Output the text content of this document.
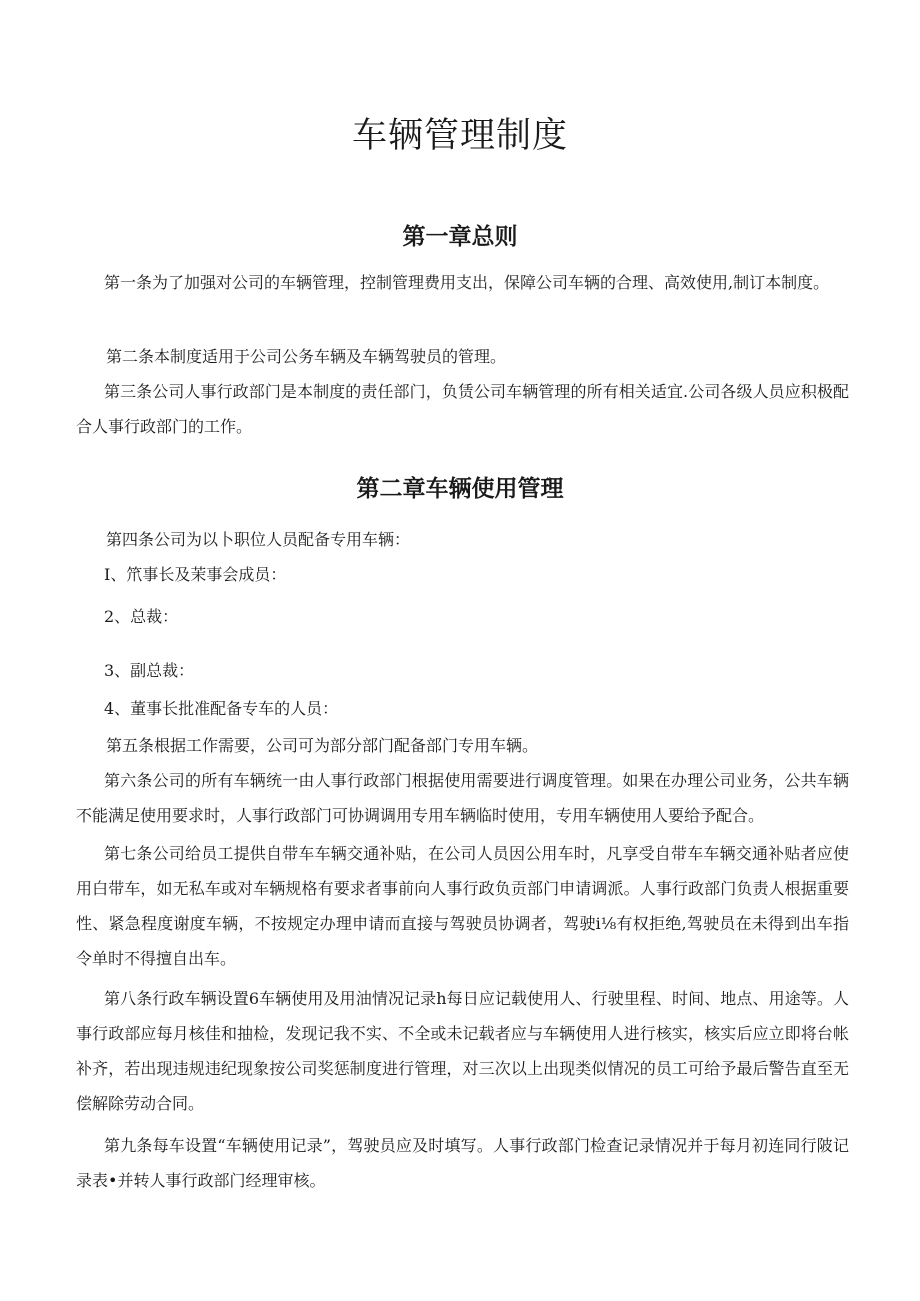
车辆管理制度
第一章总则

第一条为了加强对公司的车辆管理，控制管理费用支出，保障公司车辆的合理、高效使用,制订本制度。

第二条本制度适用于公司公务车辆及车辆驾驶员的管理。

第三条公司人事行政部门是本制度的责任部门，负赁公司车辆管理的所有相关适宜.公司各级人员应积极配合人事行政部门的工作。

第二章车辆使用管理

第四条公司为以卜职位人员配备专用车辆：

I、笊事长及茉事会成员：

2、总裁：

3、副总裁：

4、董事长批准配备专车的人员：

第五条根据工作需要，公司可为部分部门配备部门专用车辆。

第六条公司的所有车辆统一由人事行政部门根据使用需要进行调度管理。如果在办理公司业务，公共车辆不能满足使用要求时，人事行政部门可协调调用专用车辆临时使用，专用车辆使用人要给予配合。

第七条公司给员工提供自带车车辆交通补贴，在公司人员因公用车时，凡享受自带车车辆交通补贴者应使用白带车，如无私车或对车辆规格有要求者事前向人事行政负贡部门申请调派。人事行政部门负责人根据重要性、紧急程度谢度车辆，不按规定办理申请而直接与驾驶员协调者，驾驶i⅛有权拒绝,驾驶员在未得到出车指令单时不得擅自出车。

第八条行政车辆设置6车辆使用及用油情况记录h每日应记载使用人、行驶里程、时间、地点、用途等。人事行政部应每月核佳和抽检，发现记我不实、不全或未记载者应与车辆使用人进行核实，核实后应立即将台帐补齐，若出现违规违纪现象按公司奖惩制度进行管理，对三次以上出现类似情况的员工可给予最后警告直至无偿解除劳动合同。

第九条每车设置“车辆使用记录”，驾驶员应及时填写。人事行政部门检查记录情况并于每月初连同行陂记录表•并转人事行政部门经理审核。
